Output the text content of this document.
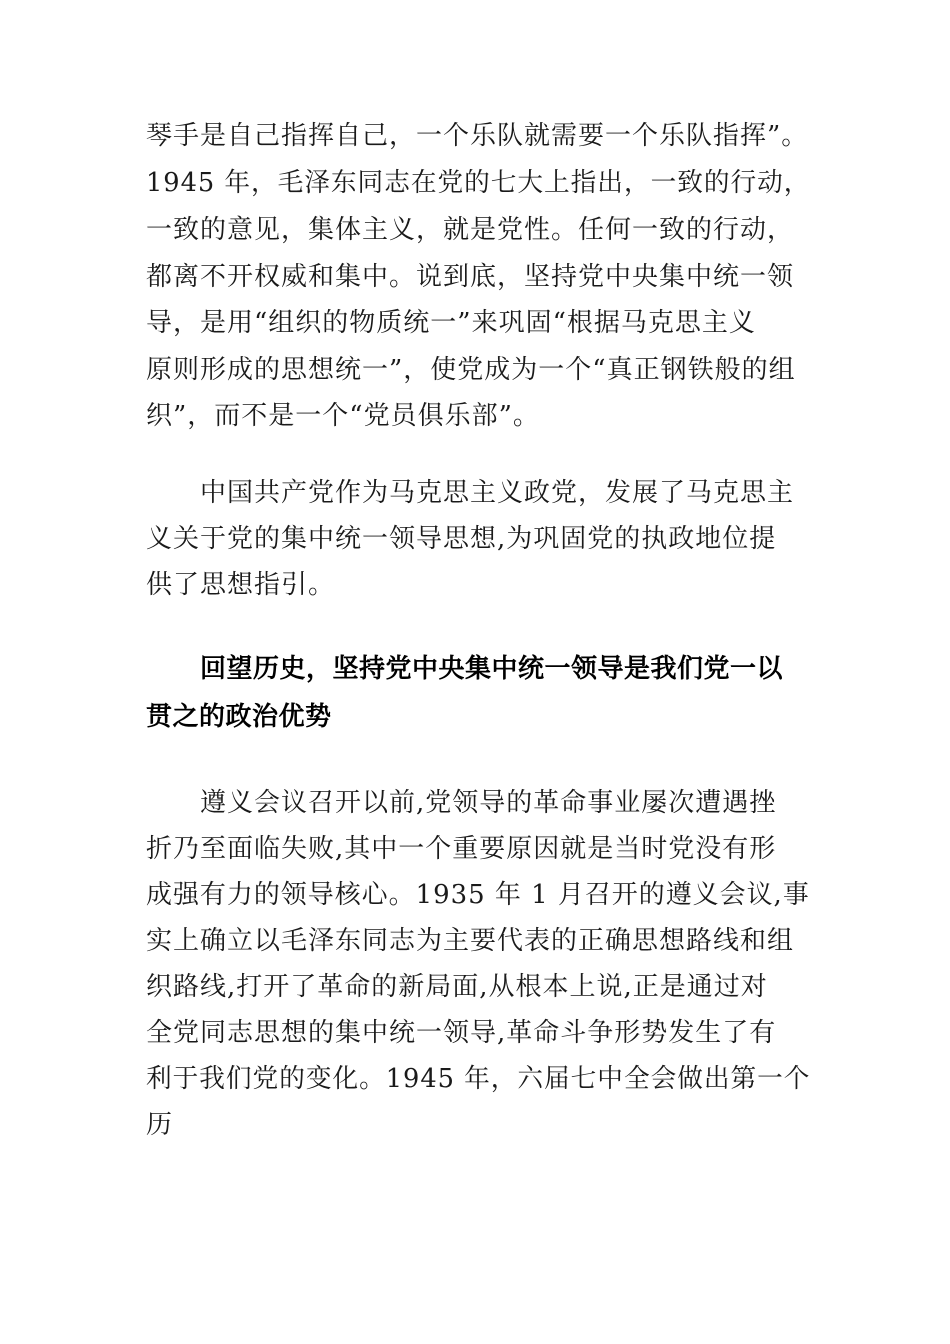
琴手是自己指挥自己，一个乐队就需要一个乐队指挥”。
1945 年，毛泽东同志在党的七大上指出，一致的行动，
一致的意见，集体主义，就是党性。任何一致的行动，
都离不开权威和集中。说到底，坚持党中央集中统一领
导，是用“组织的物质统一”来巩固“根据马克思主义
原则形成的思想统一”，使党成为一个“真正钢铁般的组
织”，而不是一个“党员俱乐部”。
中国共产党作为马克思主义政党，发展了马克思主
义关于党的集中统一领导思想,为巩固党的执政地位提
供了思想指引。
回望历史，坚持党中央集中统一领导是我们党一以
贯之的政治优势
遵义会议召开以前,党领导的革命事业屡次遭遇挫
折乃至面临失败,其中一个重要原因就是当时党没有形
成强有力的领导核心。1935 年 1 月召开的遵义会议,事
实上确立以毛泽东同志为主要代表的正确思想路线和组
织路线,打开了革命的新局面,从根本上说,正是通过对
全党同志思想的集中统一领导,革命斗争形势发生了有
利于我们党的变化。1945 年，六届七中全会做出第一个
历
